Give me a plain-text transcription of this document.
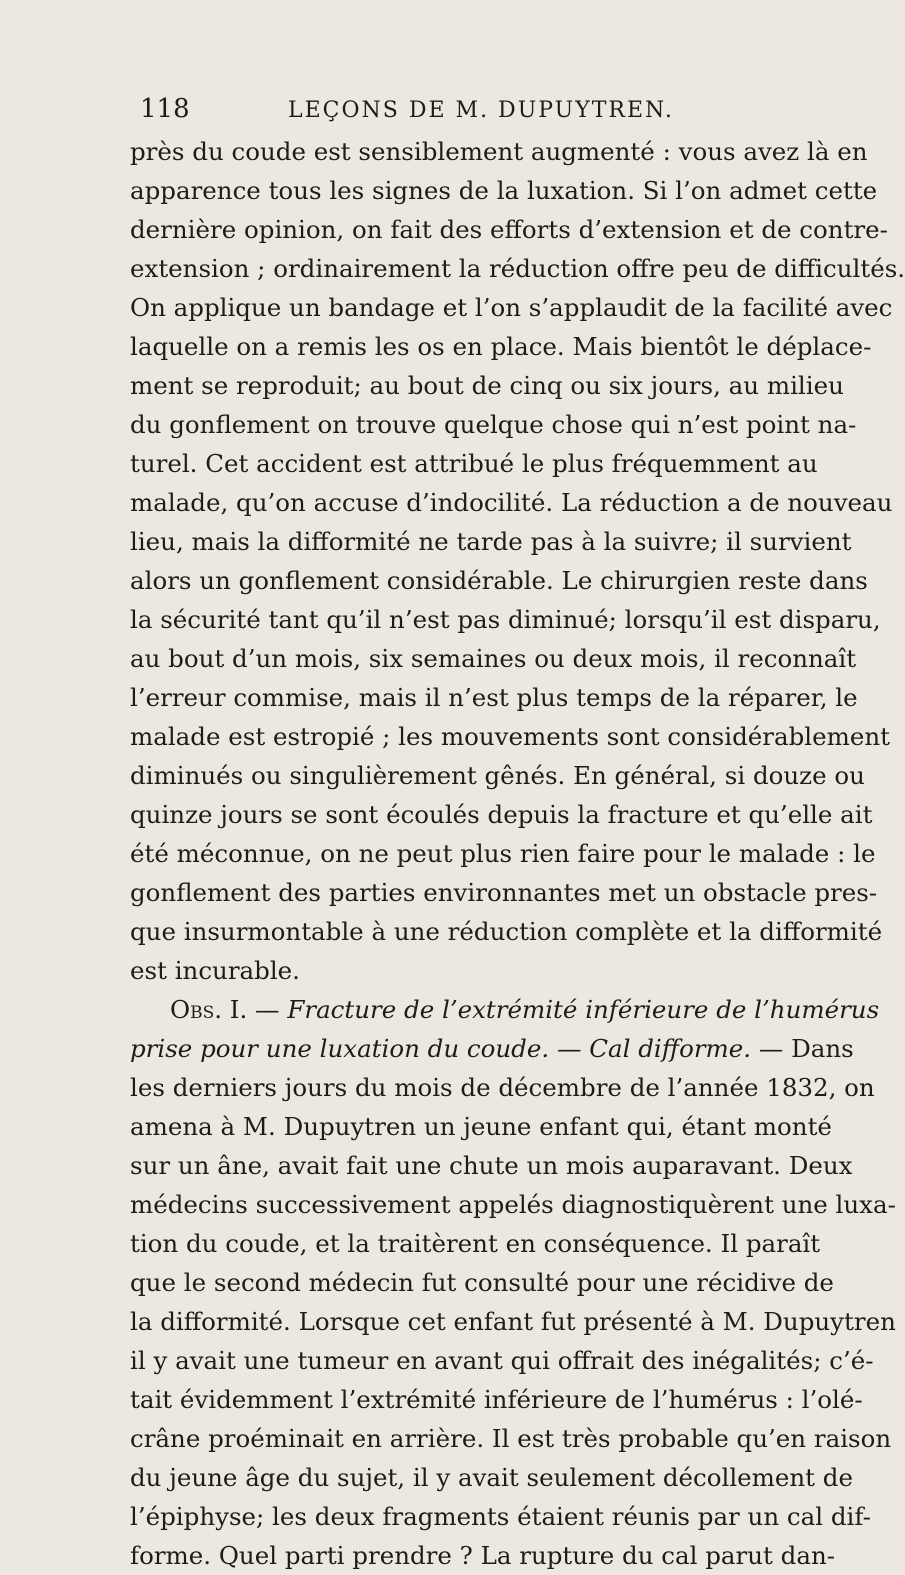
118	LEÇONS DE M. DUPUYTREN.
près du coude est sensiblement augmenté : vous avez là en
apparence tous les signes de la luxation. Si l’on admet cette
dernière opinion, on fait des efforts d’extension et de contre-
extension ; ordinairement la réduction offre peu de difficultés.
On applique un bandage et l’on s’applaudit de la facilité avec
laquelle on a remis les os en place. Mais bientôt le déplace-
ment se reproduit; au bout de cinq ou six jours, au milieu
du gonflement on trouve quelque chose qui n’est point na-
turel. Cet accident est attribué le plus fréquemment au
malade, qu’on accuse d’indocilité. La réduction a de nouveau
lieu, mais la difformité ne tarde pas à la suivre; il survient
alors un gonflement considérable. Le chirurgien reste dans
la sécurité tant qu’il n’est pas diminué; lorsqu’il est disparu,
au bout d’un mois, six semaines ou deux mois, il reconnaît
l’erreur commise, mais il n’est plus temps de la réparer, le
malade est estropié ; les mouvements sont considérablement
diminués ou singulièrement gênés. En général, si douze ou
quinze jours se sont écoulés depuis la fracture et qu’elle ait
été méconnue, on ne peut plus rien faire pour le malade : le
gonflement des parties environnantes met un obstacle pres-
que insurmontable à une réduction complète et la difformité
est incurable.
Obs. I. — Fracture de l’extrémité inférieure de l’humérus
prise pour une luxation du coude. — Cal difforme. — Dans
les derniers jours du mois de décembre de l’année 1832, on
amena à M. Dupuytren un jeune enfant qui, étant monté
sur un âne, avait fait une chute un mois auparavant. Deux
médecins successivement appelés diagnostiquèrent une luxa-
tion du coude, et la traitèrent en conséquence. Il paraît
que le second médecin fut consulté pour une récidive de
la difformité. Lorsque cet enfant fut présenté à M. Dupuytren
il y avait une tumeur en avant qui offrait des inégalités; c’é-
tait évidemment l’extrémité inférieure de l’humérus : l’olé-
crâne proéminait en arrière. Il est très probable qu’en raison
du jeune âge du sujet, il y avait seulement décollement de
l’épiphyse; les deux fragments étaient réunis par un cal dif-
forme. Quel parti prendre ? La rupture du cal parut dan-
